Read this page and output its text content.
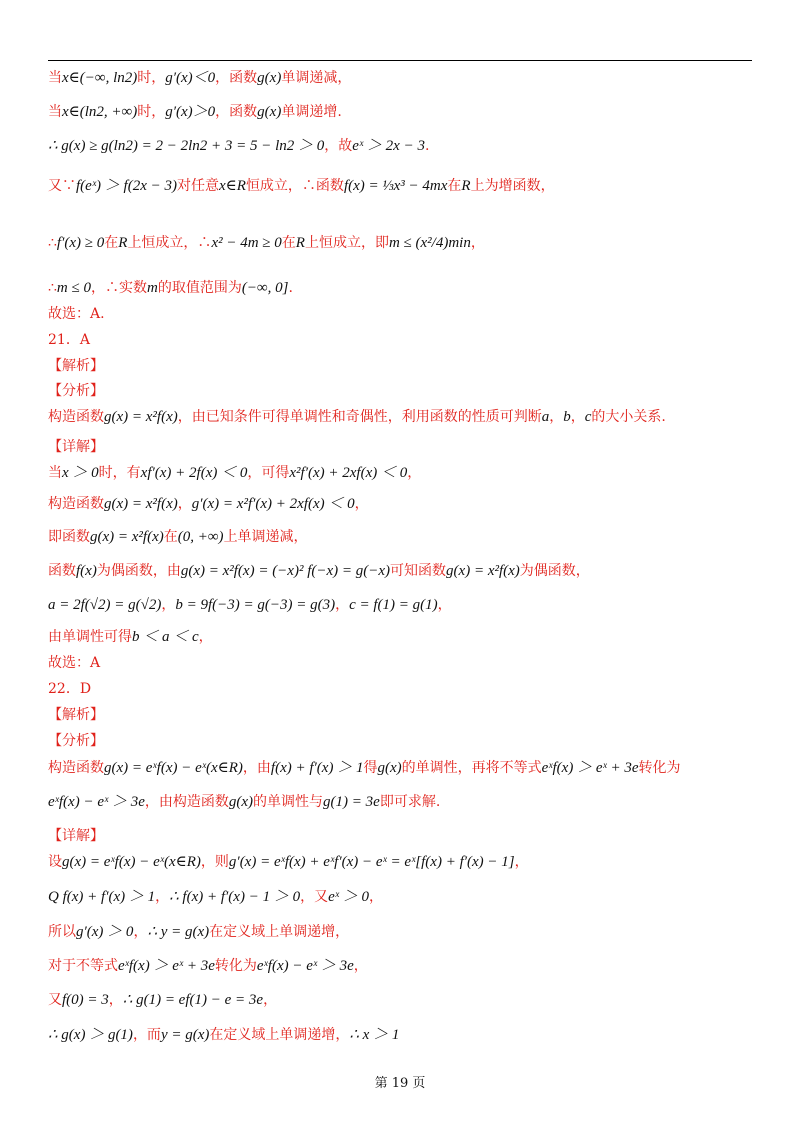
当x∈(−∞, ln2)时，g′(x)＜0，函数g(x)单调递减，
当x∈(ln2, +∞)时，g′(x)＞0，函数g(x)单调递增.
∴ g(x) ≥ g(ln2) = 2 − 2ln2 + 3 = 5 − ln2 ＞ 0，故eˣ ＞ 2x − 3.
又∵f(eˣ) ＞ f(2x − 3)对任意x∈R恒成立，∴函数f(x) = ⅓x³ − 4mx在R上为增函数，
∴f′(x) ≥ 0在R上恒成立，∴x² − 4m ≥ 0在R上恒成立，即m ≤ (x²/4)min，
∴m ≤ 0，∴实数m的取值范围为(−∞, 0].
故选：A.
21．A
【解析】
【分析】
构造函数g(x) = x²f(x)，由已知条件可得单调性和奇偶性，利用函数的性质可判断a，b，c的大小关系.
【详解】
当x ＞ 0时，有xf′(x) + 2f(x) ＜ 0，可得x²f′(x) + 2xf(x) ＜ 0，
构造函数g(x) = x²f(x)，g′(x) = x²f′(x) + 2xf(x) ＜ 0，
即函数g(x) = x²f(x)在(0, +∞)上单调递减，
函数f(x)为偶函数，由g(x) = x²f(x) = (−x)² f(−x) = g(−x)可知函数g(x) = x²f(x)为偶函数，
a = 2f(√2) = g(√2)，b = 9f(−3) = g(−3) = g(3)，c = f(1) = g(1)，
由单调性可得b ＜ a ＜ c，
故选：A
22．D
【解析】
【分析】
构造函数g(x) = eˣf(x) − eˣ(x∈R)，由f(x) + f′(x) ＞ 1得g(x)的单调性，再将不等式eˣf(x) ＞ eˣ + 3e转化为
eˣf(x) − eˣ ＞ 3e，由构造函数g(x)的单调性与g(1) = 3e即可求解.
【详解】
设g(x) = eˣf(x) − eˣ(x∈R)，则g′(x) = eˣf(x) + eˣf′(x) − eˣ = eˣ[f(x) + f′(x) − 1]，
Q f(x) + f′(x) ＞ 1，∴ f(x) + f′(x) − 1 ＞ 0，又eˣ ＞ 0，
所以g′(x) ＞ 0，∴ y = g(x)在定义域上单调递增，
对于不等式eˣf(x) ＞ eˣ + 3e转化为eˣf(x) − eˣ ＞ 3e，
又f(0) = 3，∴ g(1) = ef(1) − e = 3e，
∴ g(x) ＞ g(1)，而y = g(x)在定义域上单调递增，∴ x ＞ 1
第 19 页
